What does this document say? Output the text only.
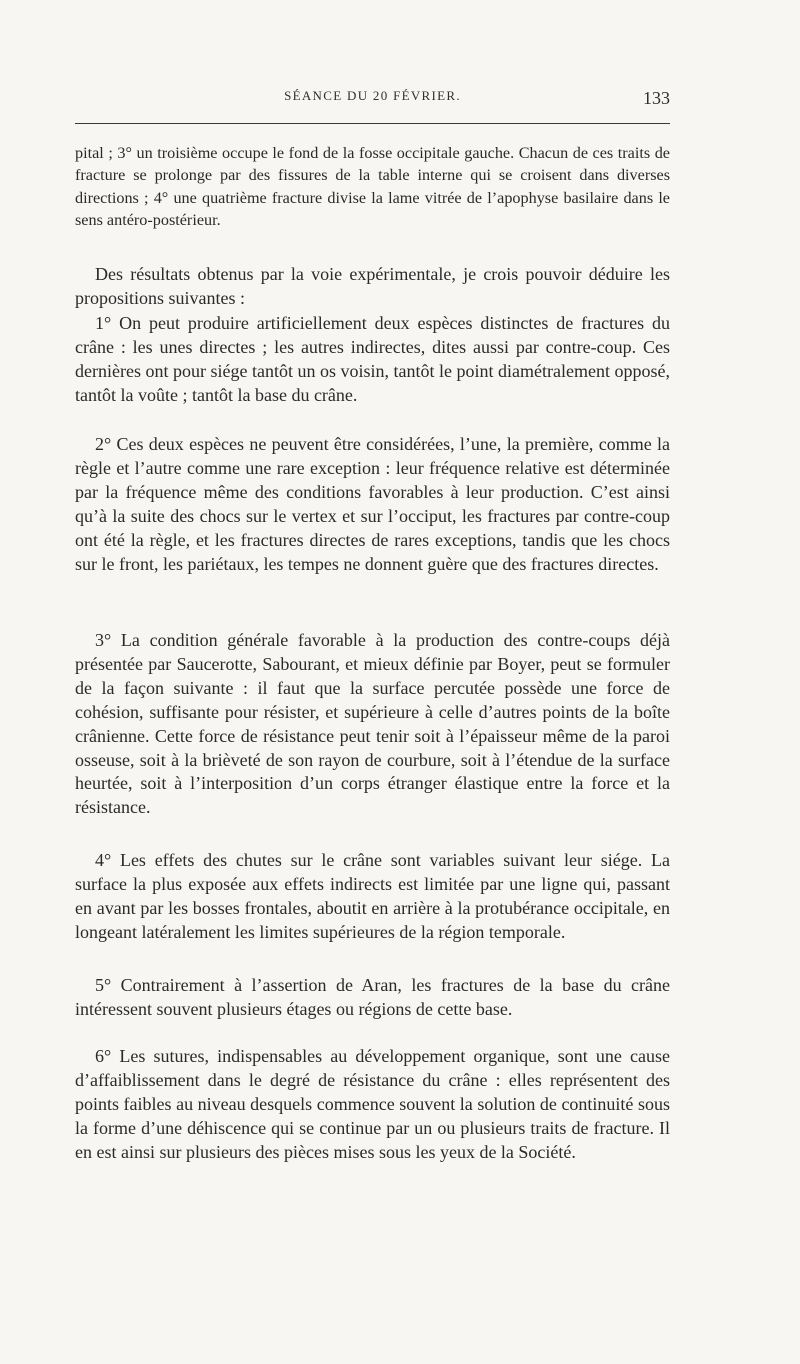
SÉANCE DU 20 FÉVRIER.	133

pital ; 3° un troisième occupe le fond de la fosse occipitale gauche. Chacun de ces traits de fracture se prolonge par des fissures de la table interne qui se croisent dans diverses directions ; 4° une quatrième fracture divise la lame vitrée de l’apophyse basilaire dans le sens antéro-postérieur.

Des résultats obtenus par la voie expérimentale, je crois pouvoir déduire les propositions suivantes :

1° On peut produire artificiellement deux espèces distinctes de fractures du crâne : les unes directes ; les autres indirectes, dites aussi par contre-coup. Ces dernières ont pour siége tantôt un os voisin, tantôt le point diamétralement opposé, tantôt la voûte ; tantôt la base du crâne.

2° Ces deux espèces ne peuvent être considérées, l’une, la première, comme la règle et l’autre comme une rare exception : leur fréquence relative est déterminée par la fréquence même des conditions favorables à leur production. C’est ainsi qu’à la suite des chocs sur le vertex et sur l’occiput, les fractures par contre-coup ont été la règle, et les fractures directes de rares exceptions, tandis que les chocs sur le front, les pariétaux, les tempes ne donnent guère que des fractures directes.

3° La condition générale favorable à la production des contre-coups déjà présentée par Saucerotte, Sabourant, et mieux définie par Boyer, peut se formuler de la façon suivante : il faut que la surface percutée possède une force de cohésion, suffisante pour résister, et supérieure à celle d’autres points de la boîte crânienne. Cette force de résistance peut tenir soit à l’épaisseur même de la paroi osseuse, soit à la brièveté de son rayon de courbure, soit à l’étendue de la surface heurtée, soit à l’interposition d’un corps étranger élastique entre la force et la résistance.

4° Les effets des chutes sur le crâne sont variables suivant leur siége. La surface la plus exposée aux effets indirects est limitée par une ligne qui, passant en avant par les bosses frontales, aboutit en arrière à la protubérance occipitale, en longeant latéralement les limites supérieures de la région temporale.

5° Contrairement à l’assertion de Aran, les fractures de la base du crâne intéressent souvent plusieurs étages ou régions de cette base.

6° Les sutures, indispensables au développement organique, sont une cause d’affaiblissement dans le degré de résistance du crâne : elles représentent des points faibles au niveau desquels commence souvent la solution de continuité sous la forme d’une déhiscence qui se continue par un ou plusieurs traits de fracture. Il en est ainsi sur plusieurs des pièces mises sous les yeux de la Société.
